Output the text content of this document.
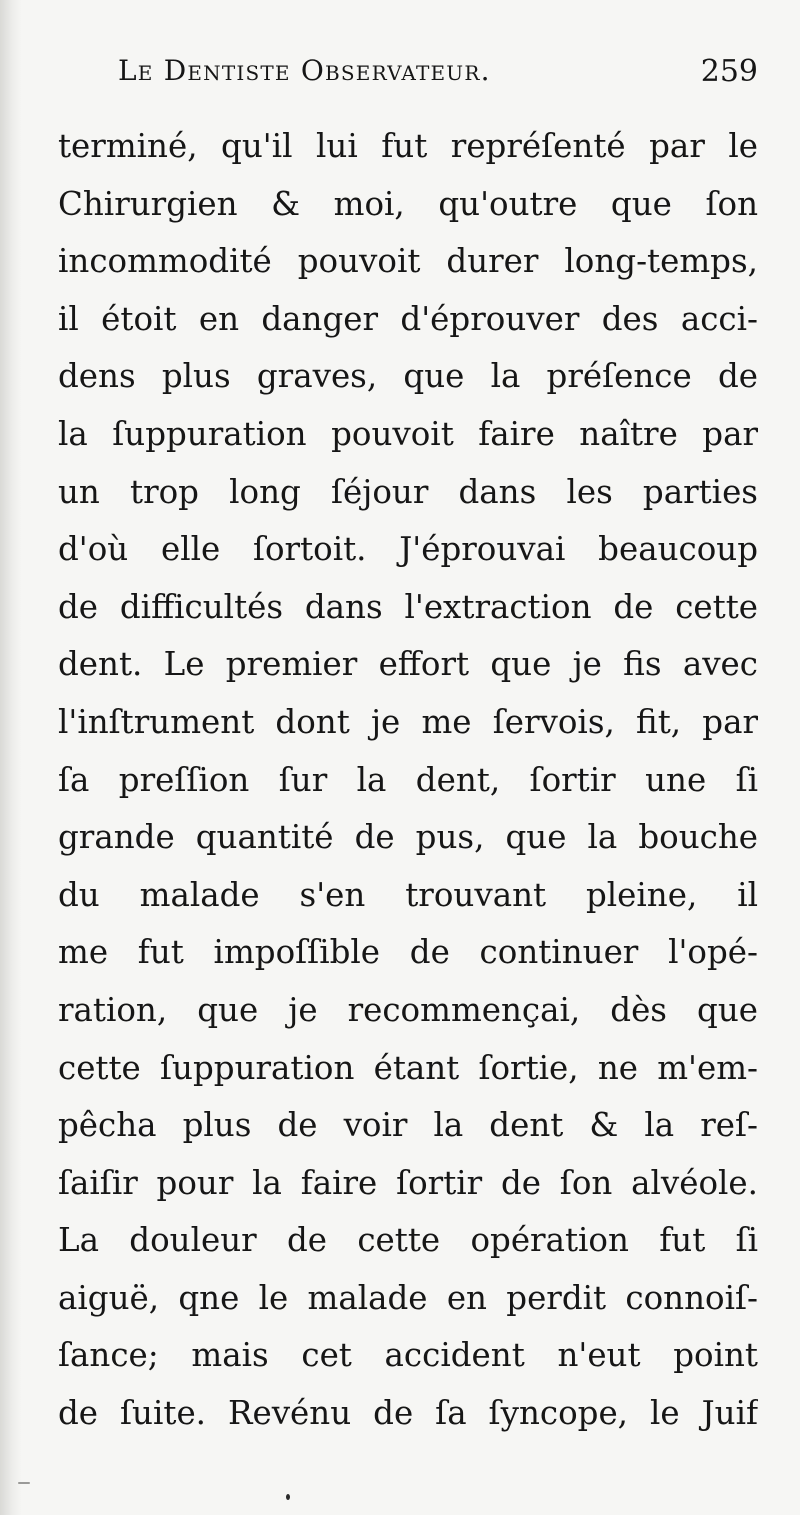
Le Dentiste Observateur.	259
terminé, qu'il lui fut repréſenté par le
Chirurgien & moi, qu'outre que ſon
incommodité pouvoit durer long-temps,
il étoit en danger d'éprouver des acci-
dens plus graves, que la préſence de
la ſuppuration pouvoit faire naître par
un trop long ſéjour dans les parties
d'où elle ſortoit. J'éprouvai beaucoup
de difficultés dans l'extraction de cette
dent. Le premier effort que je fis avec
l'inſtrument dont je me ſervois, fit, par
ſa preſſion ſur la dent, ſortir une ſi
grande quantité de pus, que la bouche
du malade s'en trouvant pleine, il
me fut impoſſible de continuer l'opé-
ration, que je recommençai, dès que
cette ſuppuration étant ſortie, ne m'em-
pêcha plus de voir la dent & la reſ-
ſaiſir pour la faire ſortir de ſon alvéole.
La douleur de cette opération fut ſi
aiguë, qne le malade en perdit connoiſ-
ſance; mais cet accident n'eut point
de ſuite. Revénu de ſa ſyncope, le Juif
